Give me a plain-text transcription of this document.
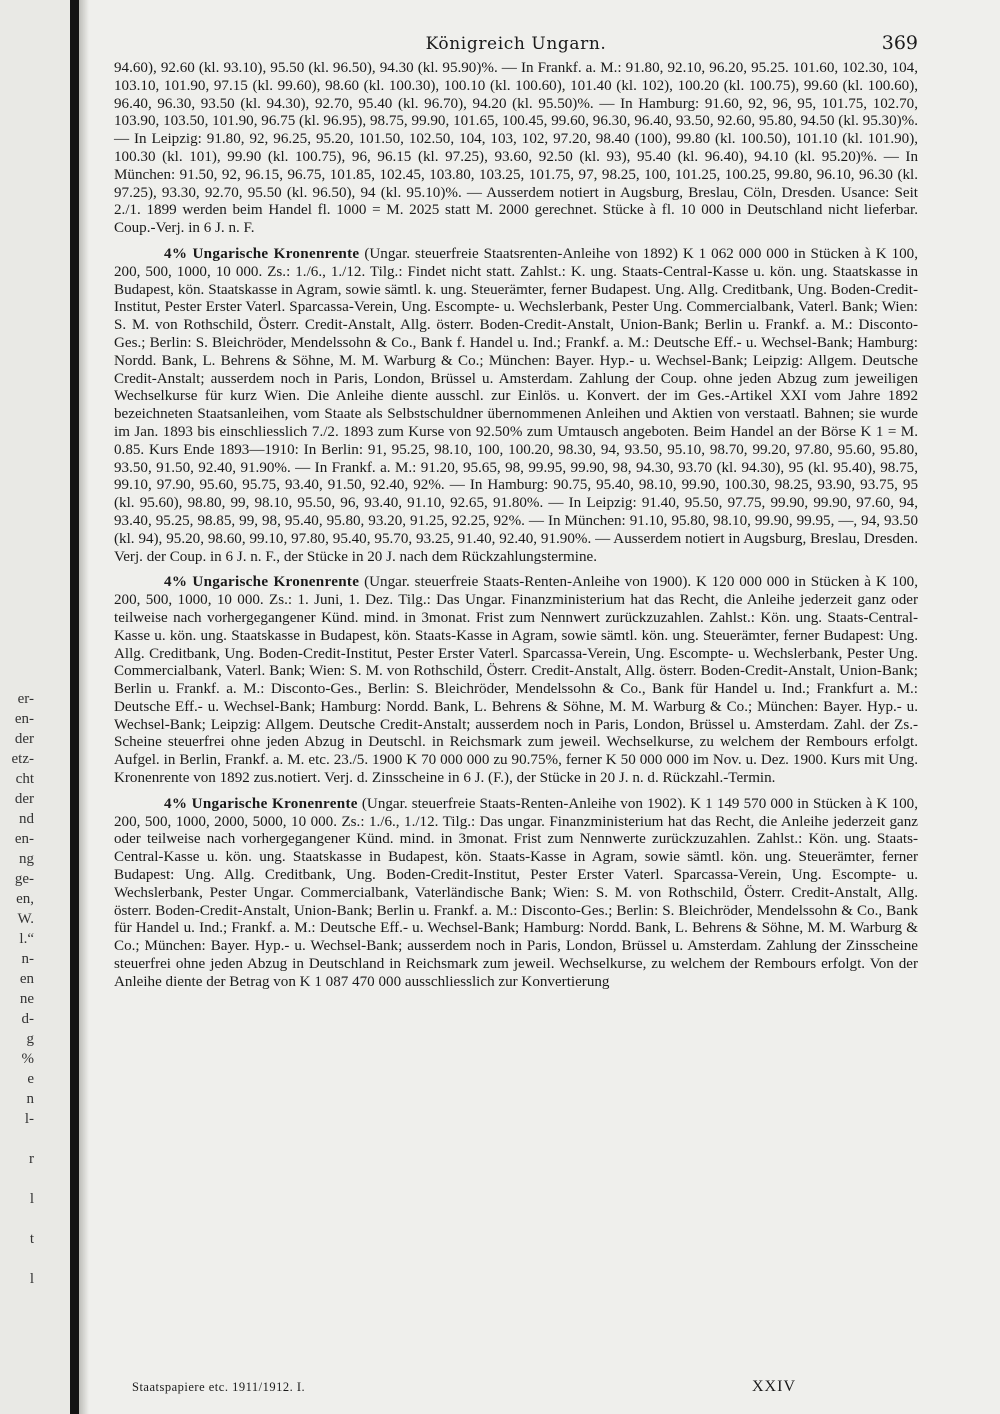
er-
en-
der
etz-
cht
der
nd
en-
ng
ge-
en,
W.
l.“
n-
en
ne
d-
g
%
e
n
l-
r
l
t
l
Königreich Ungarn.	369

94.60), 92.60 (kl. 93.10), 95.50 (kl. 96.50), 94.30 (kl. 95.90)%. — In Frankf. a. M.: 91.80, 92.10, 96.20, 95.25. 101.60, 102.30, 104, 103.10, 101.90, 97.15 (kl. 99.60), 98.60 (kl. 100.30), 100.10 (kl. 100.60), 101.40 (kl. 102), 100.20 (kl. 100.75), 99.60 (kl. 100.60), 96.40, 96.30, 93.50 (kl. 94.30), 92.70, 95.40 (kl. 96.70), 94.20 (kl. 95.50)%. — In Hamburg: 91.60, 92, 96, 95, 101.75, 102.70, 103.90, 103.50, 101.90, 96.75 (kl. 96.95), 98.75, 99.90, 101.65, 100.45, 99.60, 96.30, 96.40, 93.50, 92.60, 95.80, 94.50 (kl. 95.30)%. — In Leipzig: 91.80, 92, 96.25, 95.20, 101.50, 102.50, 104, 103, 102, 97.20, 98.40 (100), 99.80 (kl. 100.50), 101.10 (kl. 101.90), 100.30 (kl. 101), 99.90 (kl. 100.75), 96, 96.15 (kl. 97.25), 93.60, 92.50 (kl. 93), 95.40 (kl. 96.40), 94.10 (kl. 95.20)%. — In München: 91.50, 92, 96.15, 96.75, 101.85, 102.45, 103.80, 103.25, 101.75, 97, 98.25, 100, 101.25, 100.25, 99.80, 96.10, 96.30 (kl. 97.25), 93.30, 92.70, 95.50 (kl. 96.50), 94 (kl. 95.10)%. — Ausserdem notiert in Augsburg, Breslau, Cöln, Dresden. Usance: Seit 2./1. 1899 werden beim Handel fl. 1000 = M. 2025 statt M. 2000 gerechnet. Stücke à fl. 10 000 in Deutschland nicht lieferbar. Coup.-Verj. in 6 J. n. F.

4% Ungarische Kronenrente (Ungar. steuerfreie Staatsrenten-Anleihe von 1892) K 1 062 000 000 in Stücken à K 100, 200, 500, 1000, 10 000. Zs.: 1./6., 1./12. Tilg.: Findet nicht statt. Zahlst.: K. ung. Staats-Central-Kasse u. kön. ung. Staatskasse in Budapest, kön. Staatskasse in Agram, sowie sämtl. k. ung. Steuerämter, ferner Budapest. Ung. Allg. Creditbank, Ung. Boden-Credit-Institut, Pester Erster Vaterl. Sparcassa-Verein, Ung. Escompte- u. Wechslerbank, Pester Ung. Commercialbank, Vaterl. Bank; Wien: S. M. von Rothschild, Österr. Credit-Anstalt, Allg. österr. Boden-Credit-Anstalt, Union-Bank; Berlin u. Frankf. a. M.: Disconto-Ges.; Berlin: S. Bleichröder, Mendelssohn & Co., Bank f. Handel u. Ind.; Frankf. a. M.: Deutsche Eff.- u. Wechsel-Bank; Hamburg: Nordd. Bank, L. Behrens & Söhne, M. M. Warburg & Co.; München: Bayer. Hyp.- u. Wechsel-Bank; Leipzig: Allgem. Deutsche Credit-Anstalt; ausserdem noch in Paris, London, Brüssel u. Amsterdam. Zahlung der Coup. ohne jeden Abzug zum jeweiligen Wechselkurse für kurz Wien. Die Anleihe diente ausschl. zur Einlös. u. Konvert. der im Ges.-Artikel XXI vom Jahre 1892 bezeichneten Staatsanleihen, vom Staate als Selbstschuldner übernommenen Anleihen und Aktien von verstaatl. Bahnen; sie wurde im Jan. 1893 bis einschliesslich 7./2. 1893 zum Kurse von 92.50% zum Umtausch angeboten. Beim Handel an der Börse K 1 = M. 0.85. Kurs Ende 1893—1910: In Berlin: 91, 95.25, 98.10, 100, 100.20, 98.30, 94, 93.50, 95.10, 98.70, 99.20, 97.80, 95.60, 95.80, 93.50, 91.50, 92.40, 91.90%. — In Frankf. a. M.: 91.20, 95.65, 98, 99.95, 99.90, 98, 94.30, 93.70 (kl. 94.30), 95 (kl. 95.40), 98.75, 99.10, 97.90, 95.60, 95.75, 93.40, 91.50, 92.40, 92%. — In Hamburg: 90.75, 95.40, 98.10, 99.90, 100.30, 98.25, 93.90, 93.75, 95 (kl. 95.60), 98.80, 99, 98.10, 95.50, 96, 93.40, 91.10, 92.65, 91.80%. — In Leipzig: 91.40, 95.50, 97.75, 99.90, 99.90, 97.60, 94, 93.40, 95.25, 98.85, 99, 98, 95.40, 95.80, 93.20, 91.25, 92.25, 92%. — In München: 91.10, 95.80, 98.10, 99.90, 99.95, —, 94, 93.50 (kl. 94), 95.20, 98.60, 99.10, 97.80, 95.40, 95.70, 93.25, 91.40, 92.40, 91.90%. — Ausserdem notiert in Augsburg, Breslau, Dresden. Verj. der Coup. in 6 J. n. F., der Stücke in 20 J. nach dem Rückzahlungstermine.

4% Ungarische Kronenrente (Ungar. steuerfreie Staats-Renten-Anleihe von 1900). K 120 000 000 in Stücken à K 100, 200, 500, 1000, 10 000. Zs.: 1. Juni, 1. Dez. Tilg.: Das Ungar. Finanzministerium hat das Recht, die Anleihe jederzeit ganz oder teilweise nach vorhergegangener Künd. mind. in 3monat. Frist zum Nennwert zurückzuzahlen. Zahlst.: Kön. ung. Staats-Central-Kasse u. kön. ung. Staatskasse in Budapest, kön. Staats-Kasse in Agram, sowie sämtl. kön. ung. Steuerämter, ferner Budapest: Ung. Allg. Creditbank, Ung. Boden-Credit-Institut, Pester Erster Vaterl. Sparcassa-Verein, Ung. Escompte- u. Wechslerbank, Pester Ung. Commercialbank, Vaterl. Bank; Wien: S. M. von Rothschild, Österr. Credit-Anstalt, Allg. österr. Boden-Credit-Anstalt, Union-Bank; Berlin u. Frankf. a. M.: Disconto-Ges., Berlin: S. Bleichröder, Mendelssohn & Co., Bank für Handel u. Ind.; Frankfurt a. M.: Deutsche Eff.- u. Wechsel-Bank; Hamburg: Nordd. Bank, L. Behrens & Söhne, M. M. Warburg & Co.; München: Bayer. Hyp.- u. Wechsel-Bank; Leipzig: Allgem. Deutsche Credit-Anstalt; ausserdem noch in Paris, London, Brüssel u. Amsterdam. Zahl. der Zs.-Scheine steuerfrei ohne jeden Abzug in Deutschl. in Reichsmark zum jeweil. Wechselkurse, zu welchem der Rembours erfolgt. Aufgel. in Berlin, Frankf. a. M. etc. 23./5. 1900 K 70 000 000 zu 90.75%, ferner K 50 000 000 im Nov. u. Dez. 1900. Kurs mit Ung. Kronenrente von 1892 zus.notiert. Verj. d. Zinsscheine in 6 J. (F.), der Stücke in 20 J. n. d. Rückzahl.-Termin.

4% Ungarische Kronenrente (Ungar. steuerfreie Staats-Renten-Anleihe von 1902). K 1 149 570 000 in Stücken à K 100, 200, 500, 1000, 2000, 5000, 10 000. Zs.: 1./6., 1./12. Tilg.: Das ungar. Finanzministerium hat das Recht, die Anleihe jederzeit ganz oder teilweise nach vorhergegangener Künd. mind. in 3monat. Frist zum Nennwerte zurückzuzahlen. Zahlst.: Kön. ung. Staats-Central-Kasse u. kön. ung. Staatskasse in Budapest, kön. Staats-Kasse in Agram, sowie sämtl. kön. ung. Steuerämter, ferner Budapest: Ung. Allg. Creditbank, Ung. Boden-Credit-Institut, Pester Erster Vaterl. Sparcassa-Verein, Ung. Escompte- u. Wechslerbank, Pester Ungar. Commercialbank, Vaterländische Bank; Wien: S. M. von Rothschild, Österr. Credit-Anstalt, Allg. österr. Boden-Credit-Anstalt, Union-Bank; Berlin u. Frankf. a. M.: Disconto-Ges.; Berlin: S. Bleichröder, Mendelssohn & Co., Bank für Handel u. Ind.; Frankf. a. M.: Deutsche Eff.- u. Wechsel-Bank; Hamburg: Nordd. Bank, L. Behrens & Söhne, M. M. Warburg & Co.; München: Bayer. Hyp.- u. Wechsel-Bank; ausserdem noch in Paris, London, Brüssel u. Amsterdam. Zahlung der Zinsscheine steuerfrei ohne jeden Abzug in Deutschland in Reichsmark zum jeweil. Wechselkurse, zu welchem der Rembours erfolgt. Von der Anleihe diente der Betrag von K 1 087 470 000 ausschliesslich zur Konvertierung

Staatspapiere etc. 1911/1912. I.	XXIV
